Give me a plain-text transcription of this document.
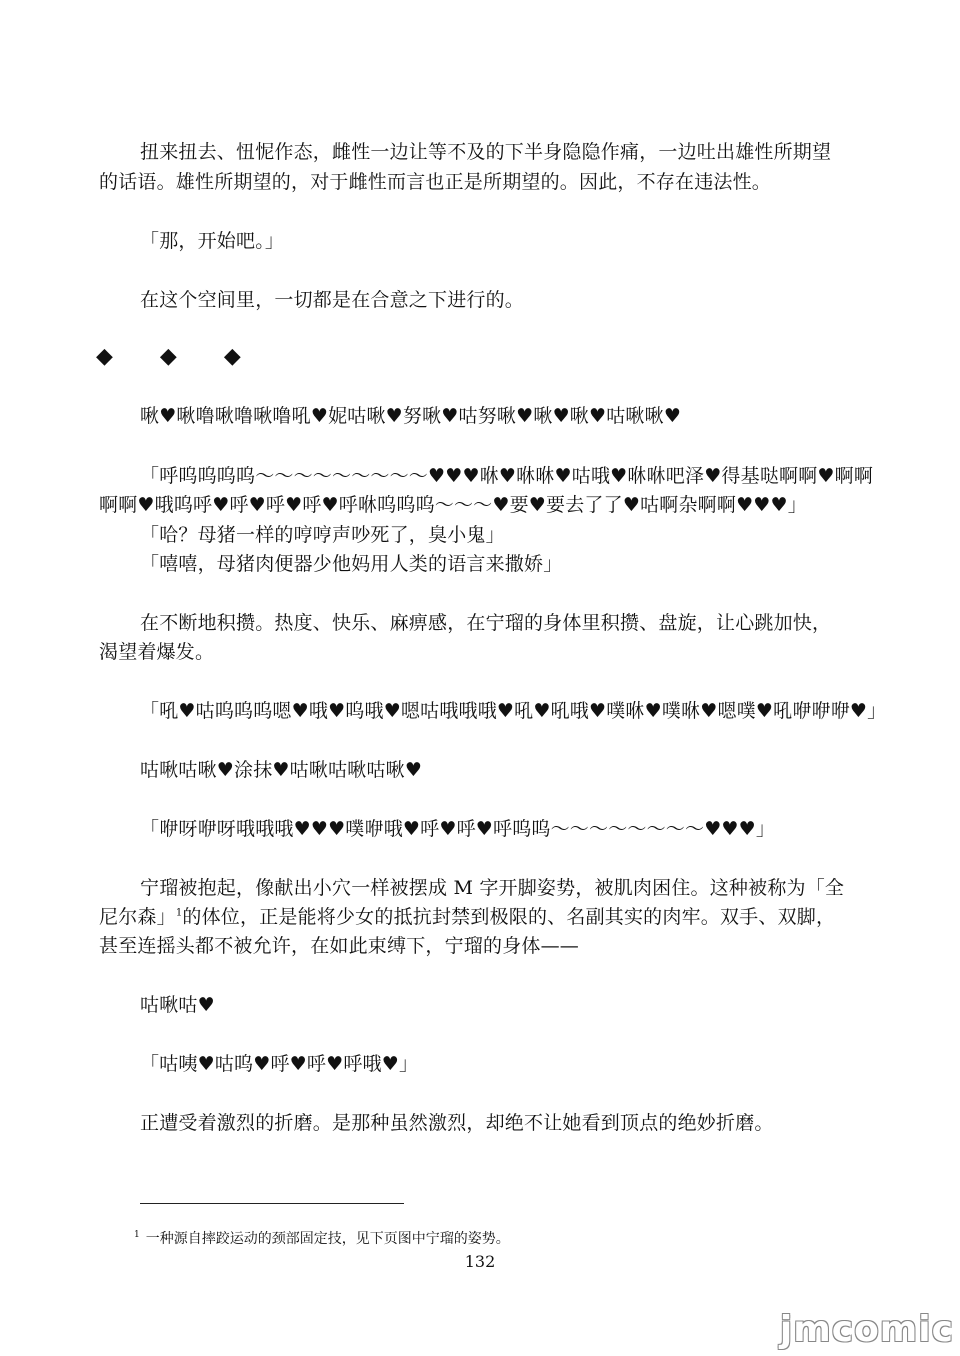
扭来扭去、忸怩作态，雌性一边让等不及的下半身隐隐作痛，一边吐出雄性所期望
的话语。雄性所期望的，对于雌性而言也正是所期望的。因此，不存在违法性。
「那，开始吧。」
在这个空间里，一切都是在合意之下进行的。
◆ ◆ ◆
啾♥啾噜啾噜啾噜吼♥妮咕啾♥努啾♥咕努啾♥啾♥啾♥咕啾啾♥
「呼呜呜呜呜～～～～～～～～～♥♥♥咻♥咻咻♥咕哦♥咻咻吧泽♥得基哒啊啊♥啊啊
啊啊♥哦呜呼♥呼♥呼♥呼♥呼咻呜呜呜～～～♥要♥要去了了♥咕啊杂啊啊♥♥♥」
「哈？母猪一样的哼哼声吵死了，臭小鬼」
「嘻嘻，母猪肉便器少他妈用人类的语言来撒娇」
在不断地积攒。热度、快乐、麻痹感，在宁瑠的身体里积攒、盘旋，让心跳加快，
渴望着爆发。
「吼♥咕呜呜呜嗯♥哦♥呜哦♥嗯咕哦哦哦♥吼♥吼哦♥噗咻♥噗咻♥嗯噗♥吼咿咿咿♥」
咕啾咕啾♥涂抹♥咕啾咕啾咕啾♥
「咿呀咿呀哦哦哦♥♥♥噗咿哦♥呼♥呼♥呼呜呜～～～～～～～～♥♥♥」
宁瑠被抱起，像献出小穴一样被摆成 M 字开脚姿势，被肌肉困住。这种被称为「全
尼尔森」$^1$的体位，正是能将少女的抵抗封禁到极限的、名副其实的肉牢。双手、双脚，
甚至连摇头都不被允许，在如此束缚下，宁瑠的身体——
咕啾咕♥
「咕咦♥咕呜♥呼♥呼♥呼哦♥」
正遭受着激烈的折磨。是那种虽然激烈，却绝不让她看到顶点的绝妙折磨。
$^1$ 一种源自摔跤运动的颈部固定技，见下页图中宁瑠的姿势。
132
jmcomic
